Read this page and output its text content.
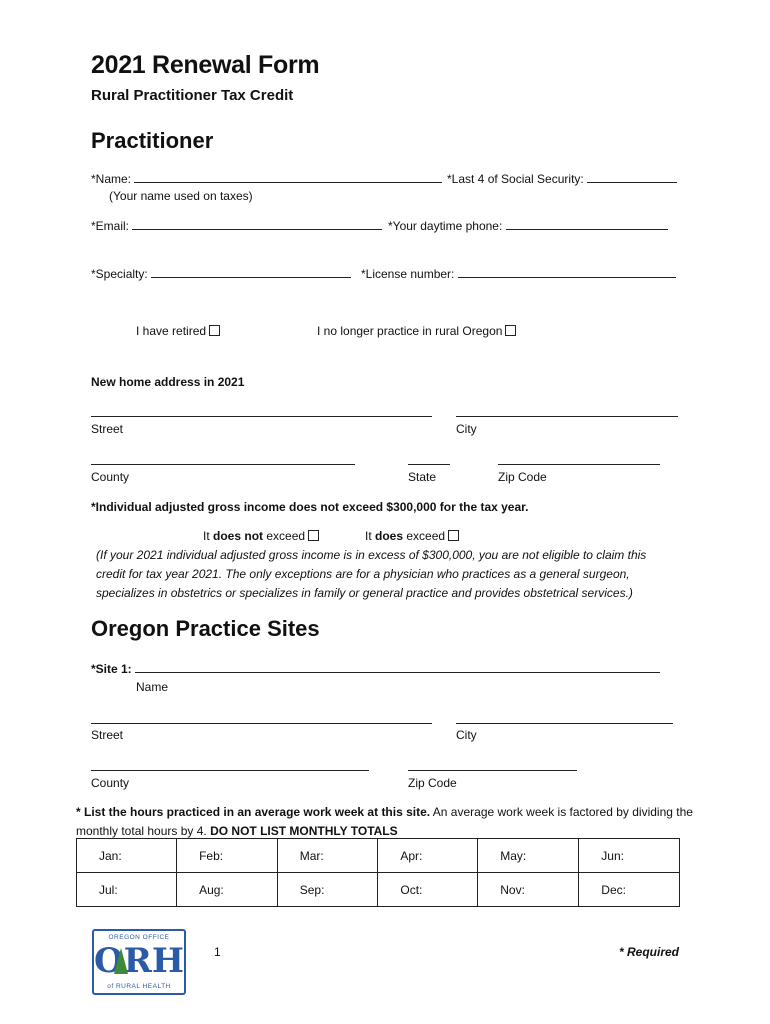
2021 Renewal Form
Rural Practitioner Tax Credit
Practitioner
*Name:	*Last 4 of Social Security:
(Your name used on taxes)
*Email:	*Your daytime phone:
*Specialty:	*License number:
I have retired	I no longer practice in rural Oregon
New home address in 2021
Street	City
County	State	Zip Code
*Individual adjusted gross income does not exceed $300,000 for the tax year.
It does not exceed	It does exceed
(If your 2021 individual adjusted gross income is in excess of $300,000, you are not eligible to claim this credit for tax year 2021. The only exceptions are for a physician who practices as a general surgeon, specializes in obstetrics or specializes in family or general practice and provides obstetrical services.)
Oregon Practice Sites
*Site 1:
Name
Street	City
County	Zip Code
* List the hours practiced in an average work week at this site. An average work week is factored by dividing the monthly total hours by 4. DO NOT LIST MONTHLY TOTALS
Jan:	Feb:	Mar:	Apr:	May:	Jun:
Jul:	Aug:	Sep:	Oct:	Nov:	Dec:
OREGON OFFICE
ORH
of RURAL HEALTH
1	* Required
